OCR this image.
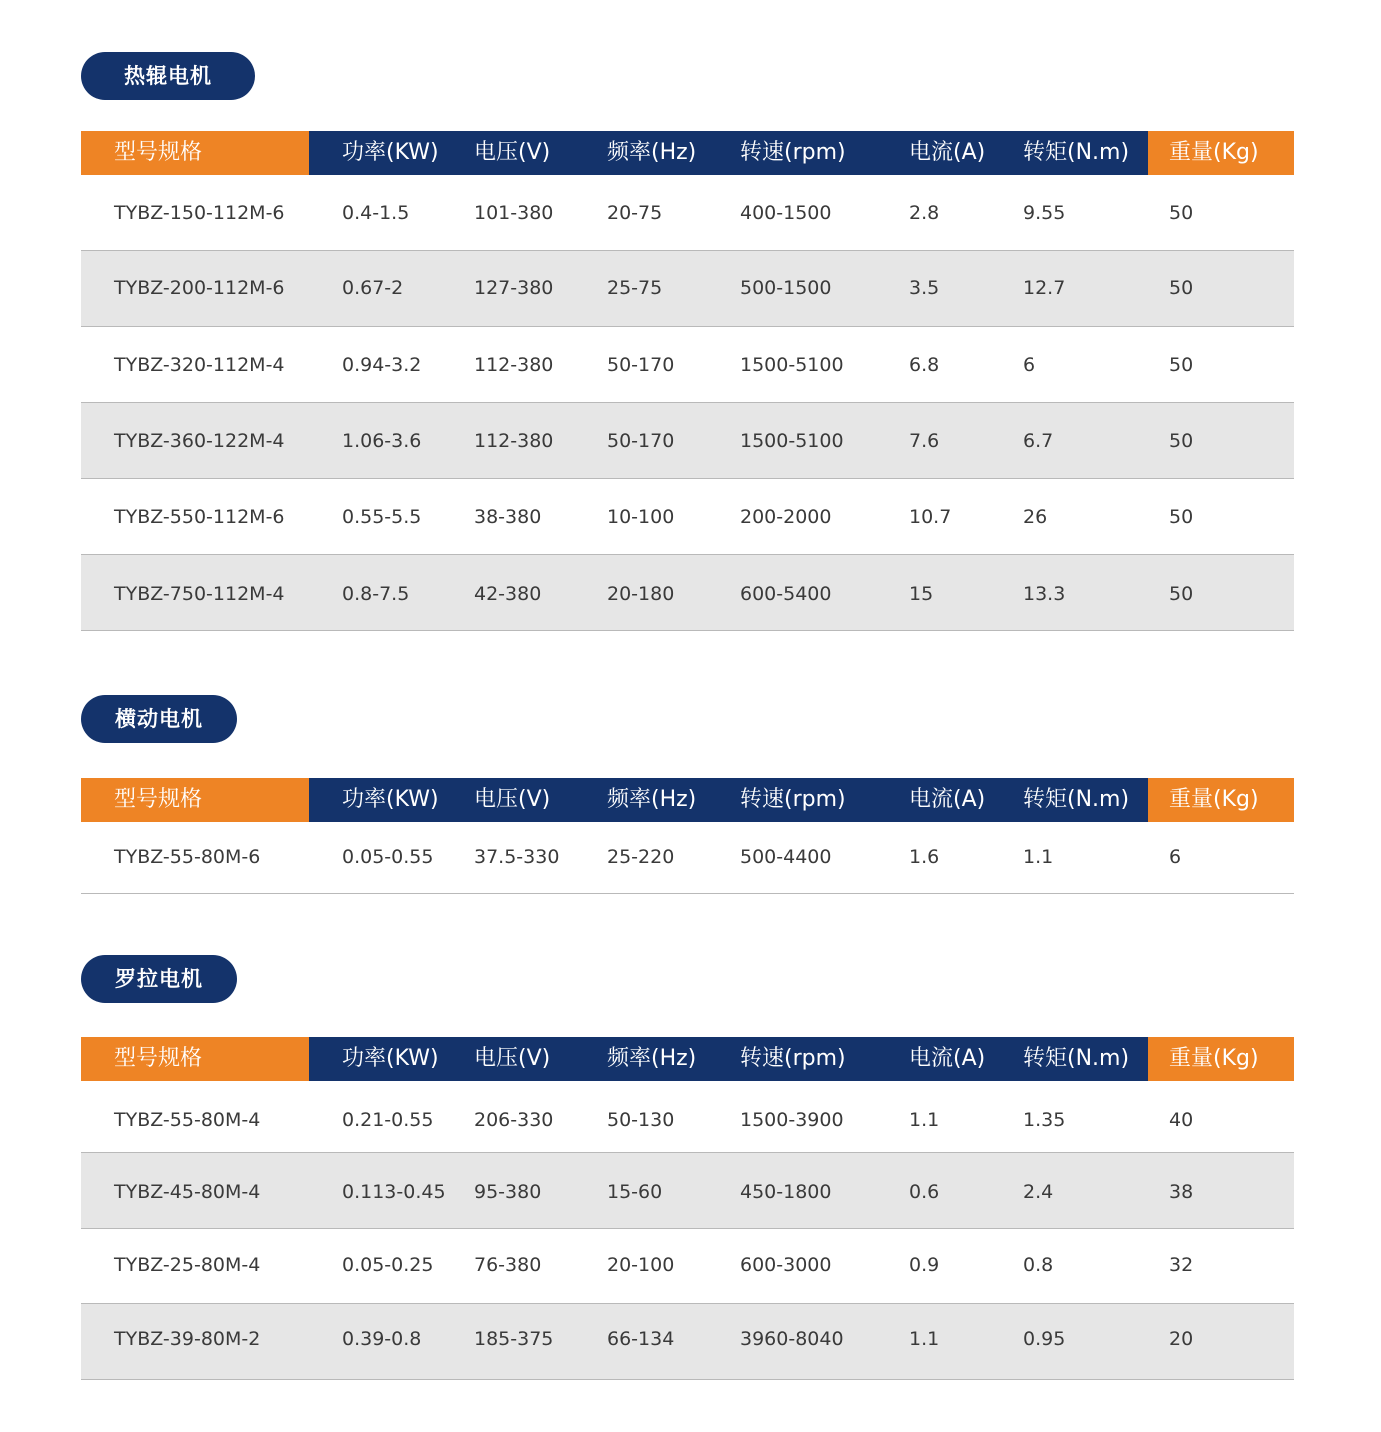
热辊电机
型号规格	功率(KW) 电压(V)	频率(Hz) 转速(rpm)	电流(A) 转矩(N.m) 重量(Kg)
TYBZ-150-112M-6	0.4-1.5	101-380	20-75	400-1500	2.8	9.55	50
TYBZ-200-112M-6	0.67-2	127-380	25-75	500-1500	3.5	12.7	50
TYBZ-320-112M-4	0.94-3.2	112-380	50-170	1500-5100	6.8	6	50
TYBZ-360-122M-4	1.06-3.6	112-380	50-170	1500-5100	7.6	6.7	50
TYBZ-550-112M-6	0.55-5.5	38-380	10-100	200-2000	10.7	26	50
TYBZ-750-112M-4	0.8-7.5	42-380	20-180	600-5400	15	13.3	50
横动电机
型号规格	功率(KW) 电压(V)	频率(Hz) 转速(rpm)	电流(A) 转矩(N.m) 重量(Kg)
TYBZ-55-80M-6	0.05-0.55 37.5-330	25-220	500-4400	1.6	1.1	6
罗拉电机
型号规格	功率(KW) 电压(V)	频率(Hz) 转速(rpm)	电流(A) 转矩(N.m) 重量(Kg)
TYBZ-55-80M-4	0.21-0.55 206-330	50-130	1500-3900	1.1	1.35	40
TYBZ-45-80M-4	0.113-0.45 95-380	15-60	450-1800	0.6	2.4	38
TYBZ-25-80M-4	0.05-0.25 76-380	20-100	600-3000	0.9	0.8	32
TYBZ-39-80M-2	0.39-0.8	185-375	66-134	3960-8040	1.1	0.95	20
